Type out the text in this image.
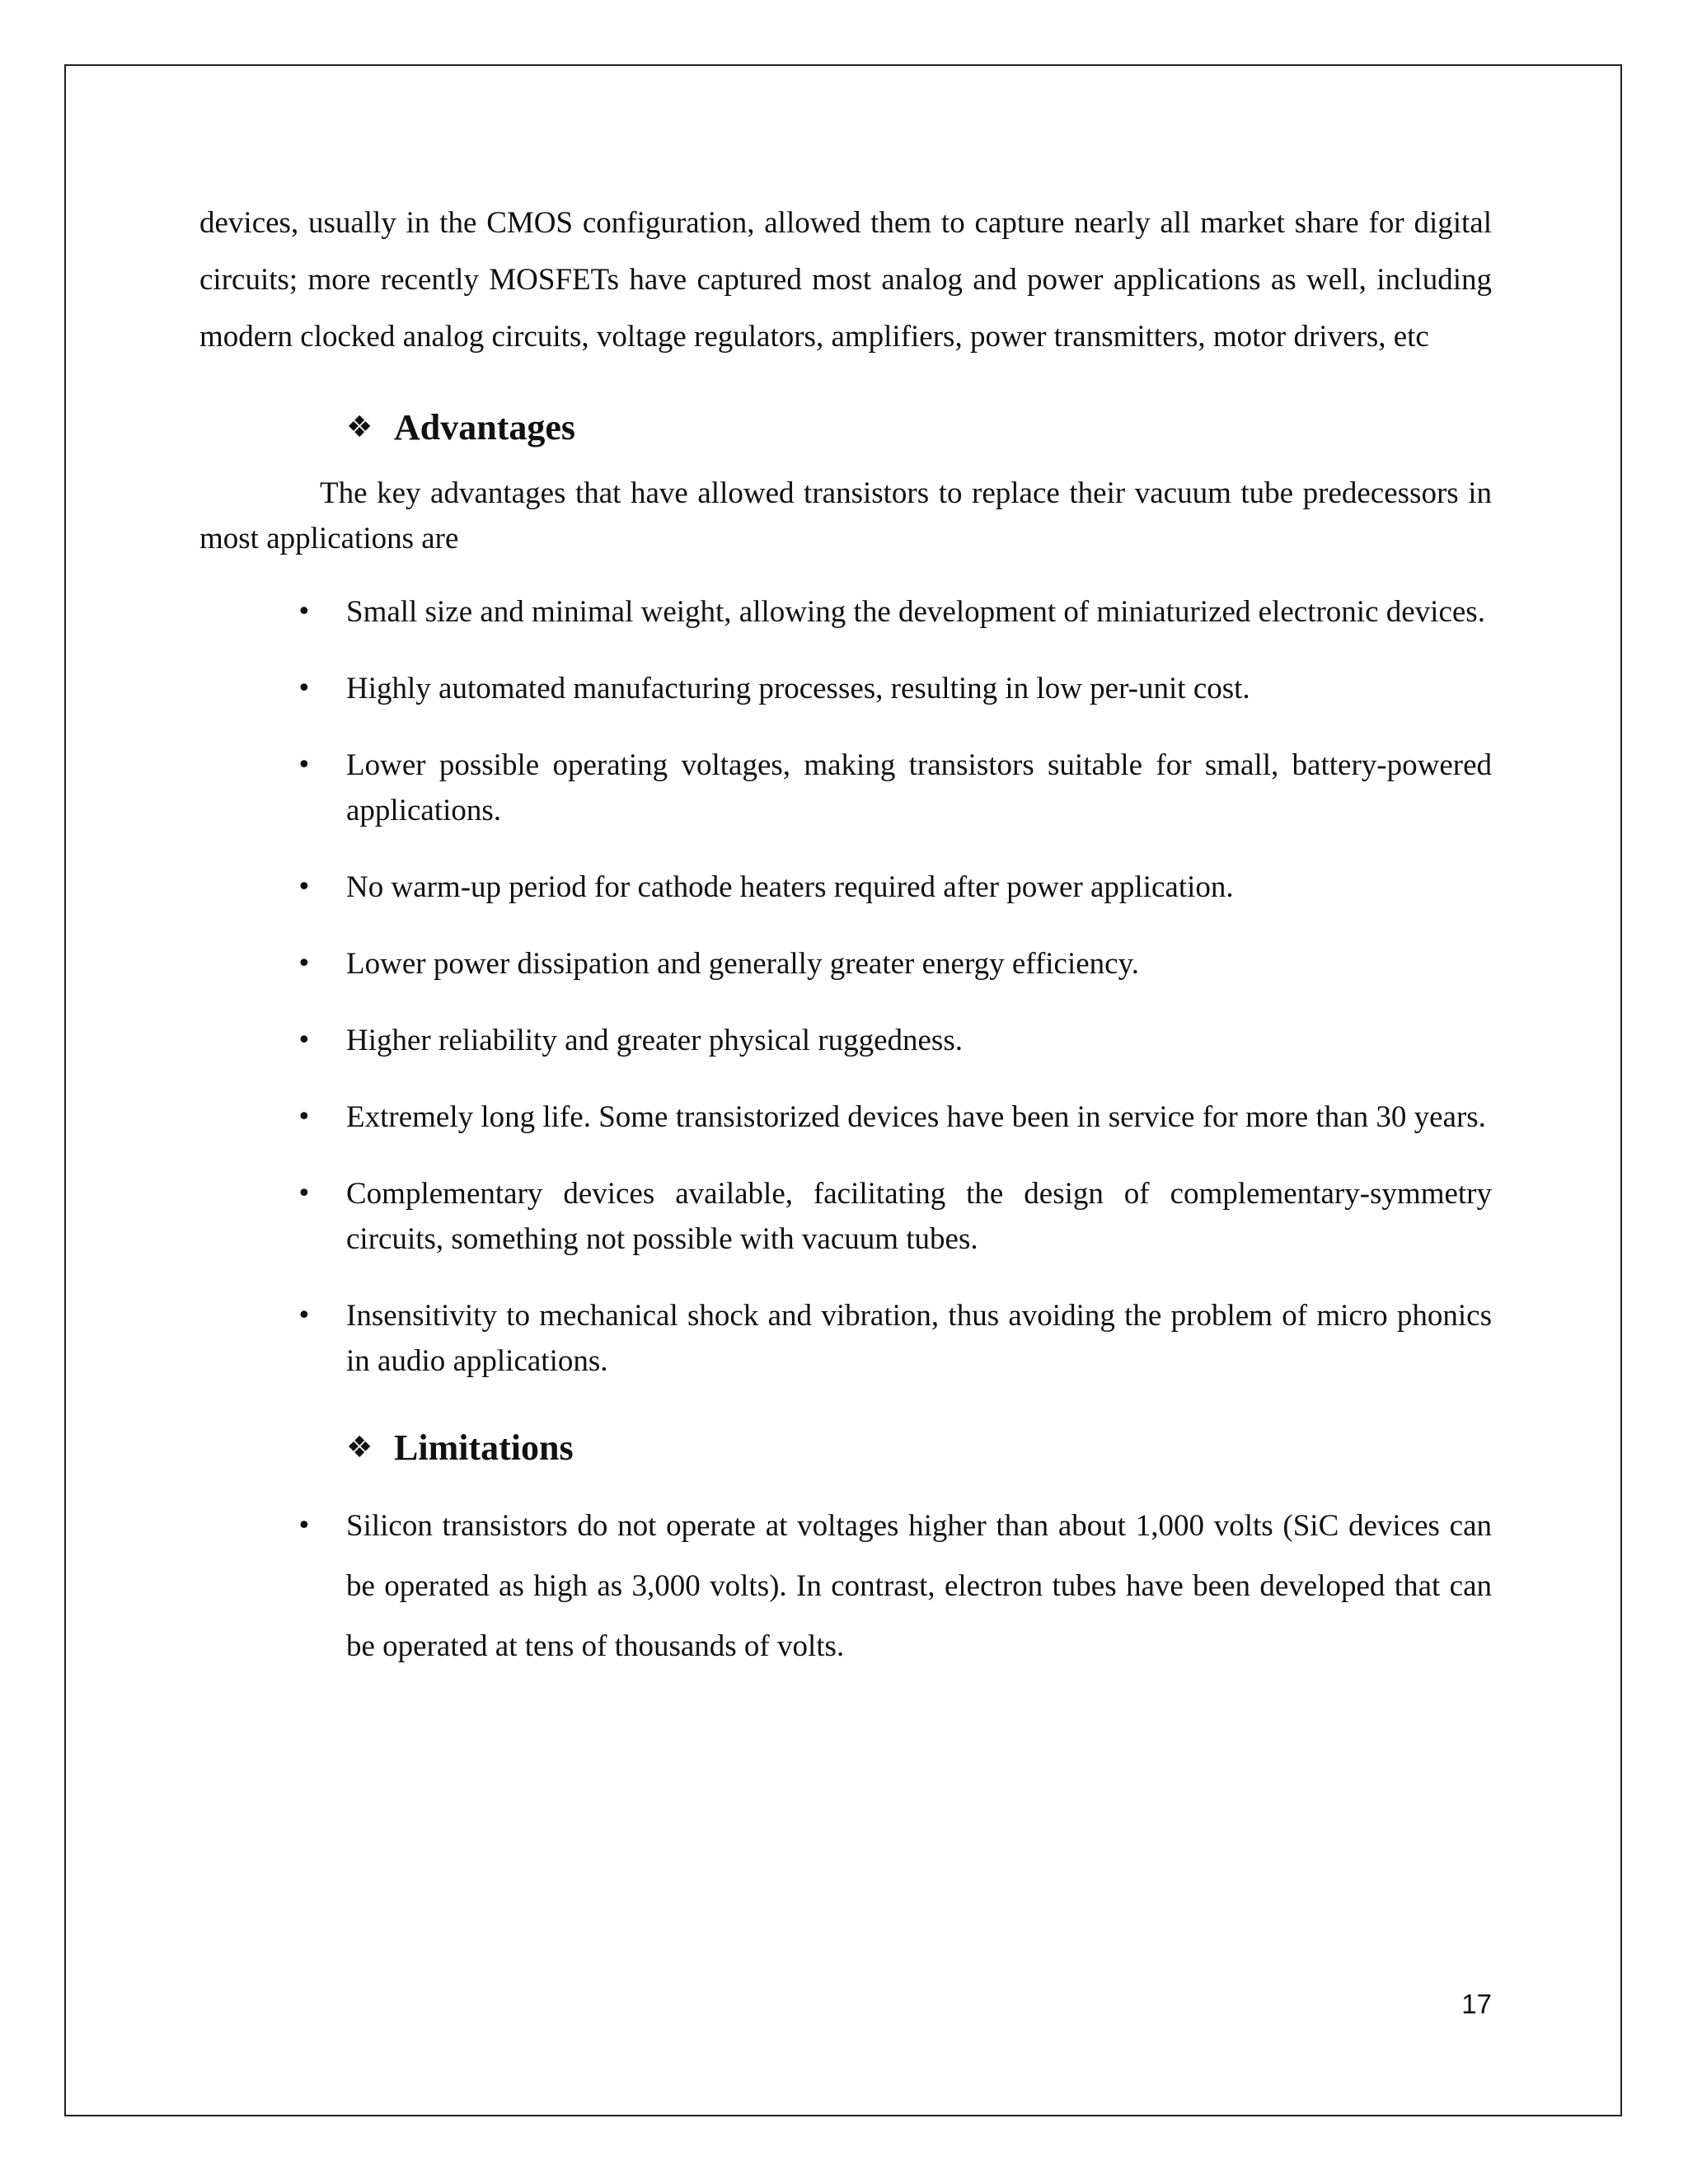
devices, usually in the CMOS configuration, allowed them to capture nearly all market share for digital circuits; more recently MOSFETs have captured most analog and power applications as well, including modern clocked analog circuits, voltage regulators, amplifiers, power transmitters, motor drivers, etc

❖ Advantages

The key advantages that have allowed transistors to replace their vacuum tube predecessors in most applications are

• Small size and minimal weight, allowing the development of miniaturized electronic devices.
• Highly automated manufacturing processes, resulting in low per-unit cost.
• Lower possible operating voltages, making transistors suitable for small, battery-powered applications.
• No warm-up period for cathode heaters required after power application.
• Lower power dissipation and generally greater energy efficiency.
• Higher reliability and greater physical ruggedness.
• Extremely long life. Some transistorized devices have been in service for more than 30 years.
• Complementary devices available, facilitating the design of complementary-symmetry circuits, something not possible with vacuum tubes.
• Insensitivity to mechanical shock and vibration, thus avoiding the problem of micro phonics in audio applications.
❖ Limitations
• Silicon transistors do not operate at voltages higher than about 1,000 volts (SiC devices can be operated as high as 3,000 volts). In contrast, electron tubes have been developed that can be operated at tens of thousands of volts.
17
